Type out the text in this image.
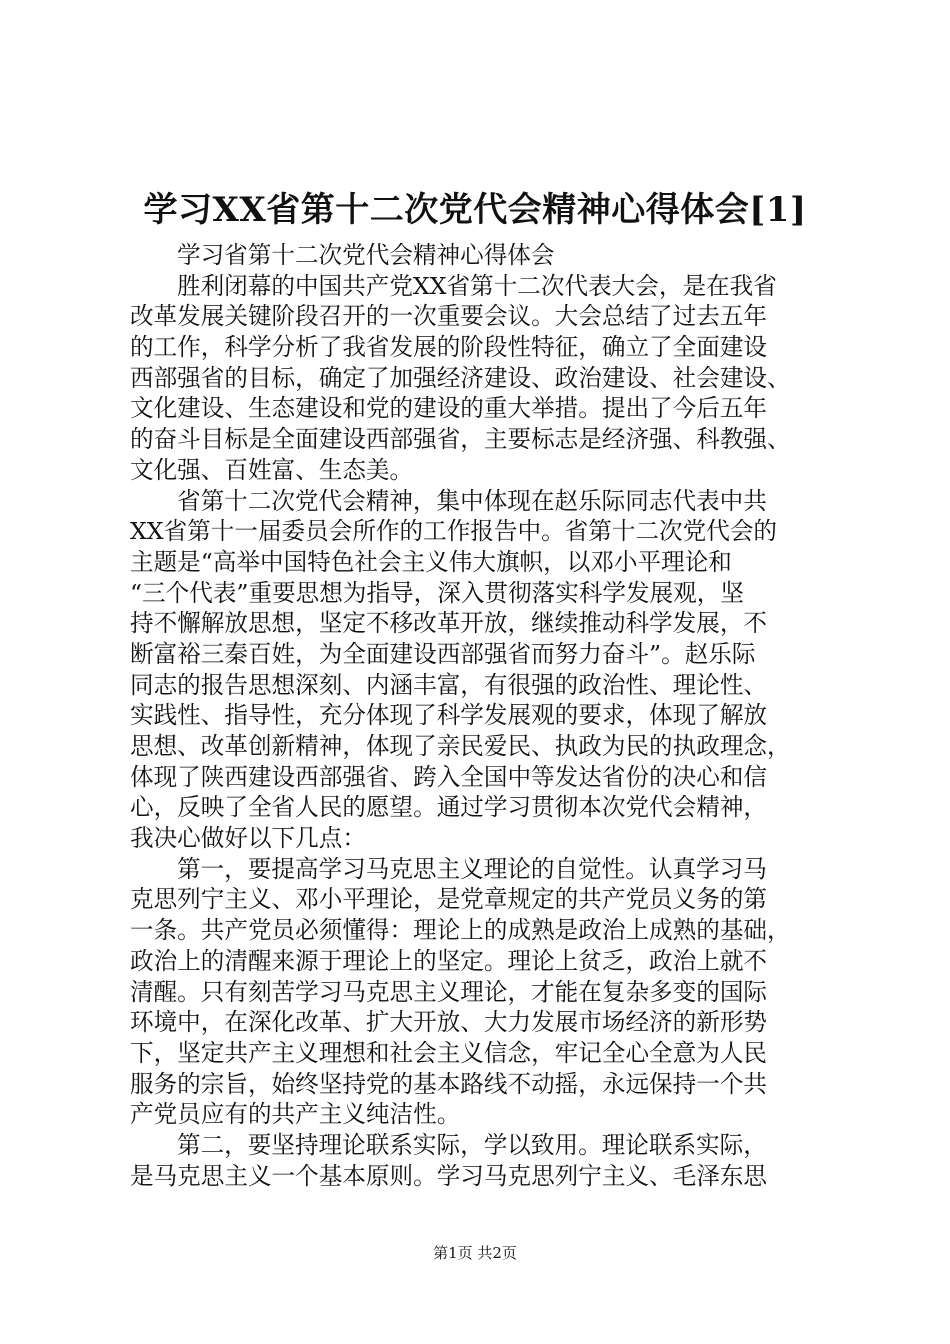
学习XX省第十二次党代会精神心得体会[1]
学习省第十二次党代会精神心得体会
胜利闭幕的中国共产党XX省第十二次代表大会，是在我省
改革发展关键阶段召开的一次重要会议。大会总结了过去五年
的工作，科学分析了我省发展的阶段性特征，确立了全面建设
西部强省的目标，确定了加强经济建设、政治建设、社会建设、
文化建设、生态建设和党的建设的重大举措。提出了今后五年
的奋斗目标是全面建设西部强省，主要标志是经济强、科教强、
文化强、百姓富、生态美。
省第十二次党代会精神，集中体现在赵乐际同志代表中共
XX省第十一届委员会所作的工作报告中。省第十二次党代会的
主题是“高举中国特色社会主义伟大旗帜，以邓小平理论和
“三个代表”重要思想为指导，深入贯彻落实科学发展观，坚
持不懈解放思想，坚定不移改革开放，继续推动科学发展，不
断富裕三秦百姓，为全面建设西部强省而努力奋斗”。赵乐际
同志的报告思想深刻、内涵丰富，有很强的政治性、理论性、
实践性、指导性，充分体现了科学发展观的要求，体现了解放
思想、改革创新精神，体现了亲民爱民、执政为民的执政理念，
体现了陕西建设西部强省、跨入全国中等发达省份的决心和信
心，反映了全省人民的愿望。通过学习贯彻本次党代会精神，
我决心做好以下几点：
第一，要提高学习马克思主义理论的自觉性。认真学习马
克思列宁主义、邓小平理论，是党章规定的共产党员义务的第
一条。共产党员必须懂得：理论上的成熟是政治上成熟的基础，
政治上的清醒来源于理论上的坚定。理论上贫乏，政治上就不
清醒。只有刻苦学习马克思主义理论，才能在复杂多变的国际
环境中，在深化改革、扩大开放、大力发展市场经济的新形势
下，坚定共产主义理想和社会主义信念，牢记全心全意为人民
服务的宗旨，始终坚持党的基本路线不动摇，永远保持一个共
产党员应有的共产主义纯洁性。
第二，要坚持理论联系实际，学以致用。理论联系实际，
是马克思主义一个基本原则。学习马克思列宁主义、毛泽东思
第1页 共2页
